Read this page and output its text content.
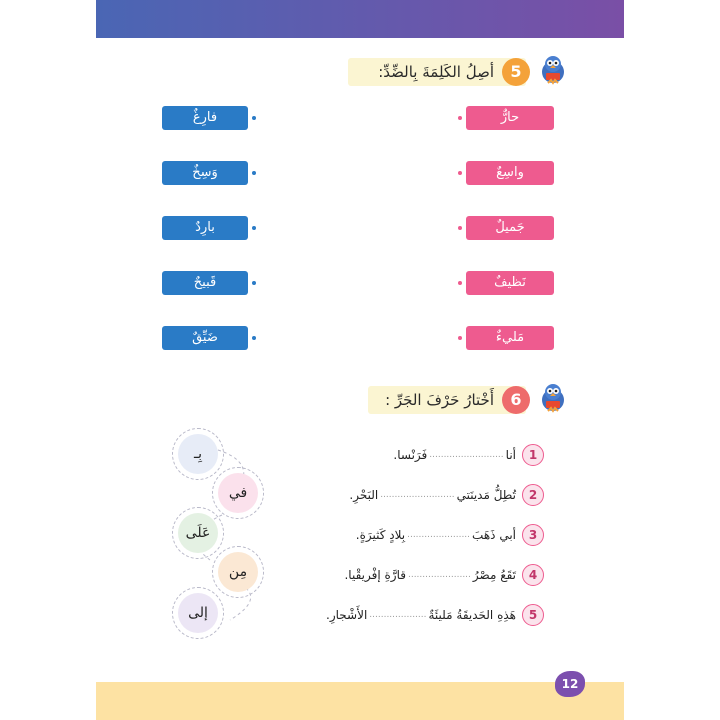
أصِلُ الكَلِمَةَ بِالضِّدِّ:	5
حارٌّ
واسِعٌ
جَميلٌ
نَظيفٌ
مَليءٌ
فارِغٌ
وَسِخٌ
بارِدٌ
قَبيحٌ
ضَيِّقٌ
أَخْتارُ حَرْفَ الجَرِّ :	6
1
أنا
..........................
فَرَنْسا.
2
تُطِلُّ مَدينَتي
..........................
البَحْرِ.
3
أبي ذَهَبَ
......................
بِلادٍ كَثيرَةٍ.
4
تَقَعُ مِصْرُ
......................
قارَّةِ إفْريقْيا.
5
هَذِهِ الحَديقَةُ مَليئَةٌ
....................
الأَشْجارِ.
بِـ
في
عَلَى
مِن
إلى
12
